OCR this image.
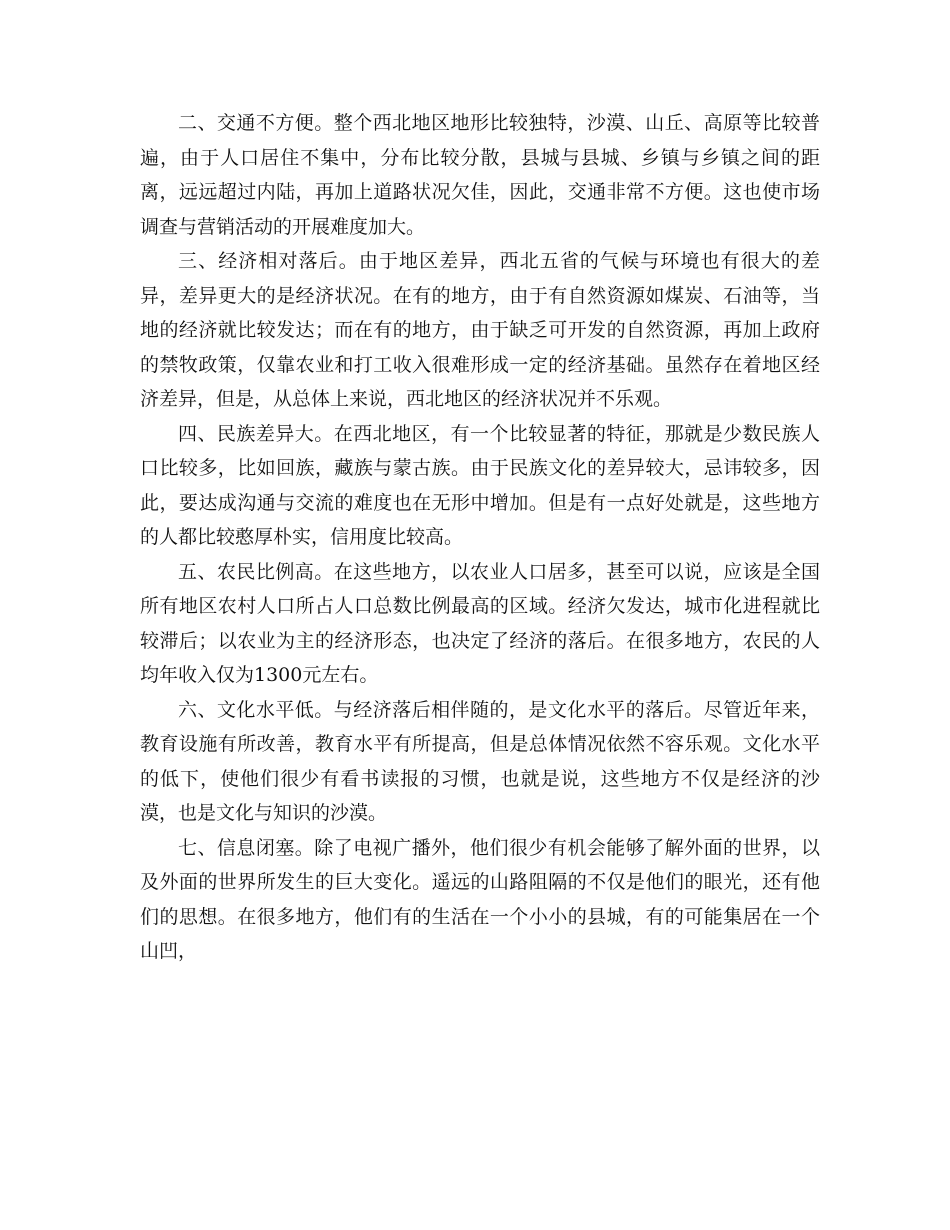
二、交通不方便。整个西北地区地形比较独特，沙漠、山丘、高原等比较普遍，由于人口居住不集中，分布比较分散，县城与县城、乡镇与乡镇之间的距离，远远超过内陆，再加上道路状况欠佳，因此，交通非常不方便。这也使市场调查与营销活动的开展难度加大。

三、经济相对落后。由于地区差异，西北五省的气候与环境也有很大的差异，差异更大的是经济状况。在有的地方，由于有自然资源如煤炭、石油等，当地的经济就比较发达；而在有的地方，由于缺乏可开发的自然资源，再加上政府的禁牧政策，仅靠农业和打工收入很难形成一定的经济基础。虽然存在着地区经济差异，但是，从总体上来说，西北地区的经济状况并不乐观。

四、民族差异大。在西北地区，有一个比较显著的特征，那就是少数民族人口比较多，比如回族，藏族与蒙古族。由于民族文化的差异较大，忌讳较多，因此，要达成沟通与交流的难度也在无形中增加。但是有一点好处就是，这些地方的人都比较憨厚朴实，信用度比较高。

五、农民比例高。在这些地方，以农业人口居多，甚至可以说，应该是全国所有地区农村人口所占人口总数比例最高的区域。经济欠发达，城市化进程就比较滞后；以农业为主的经济形态，也决定了经济的落后。在很多地方，农民的人均年收入仅为1300元左右。

六、文化水平低。与经济落后相伴随的，是文化水平的落后。尽管近年来，教育设施有所改善，教育水平有所提高，但是总体情况依然不容乐观。文化水平的低下，使他们很少有看书读报的习惯，也就是说，这些地方不仅是经济的沙漠，也是文化与知识的沙漠。

七、信息闭塞。除了电视广播外，他们很少有机会能够了解外面的世界，以及外面的世界所发生的巨大变化。遥远的山路阻隔的不仅是他们的眼光，还有他们的思想。在很多地方，他们有的生活在一个小小的县城，有的可能集居在一个山凹，
